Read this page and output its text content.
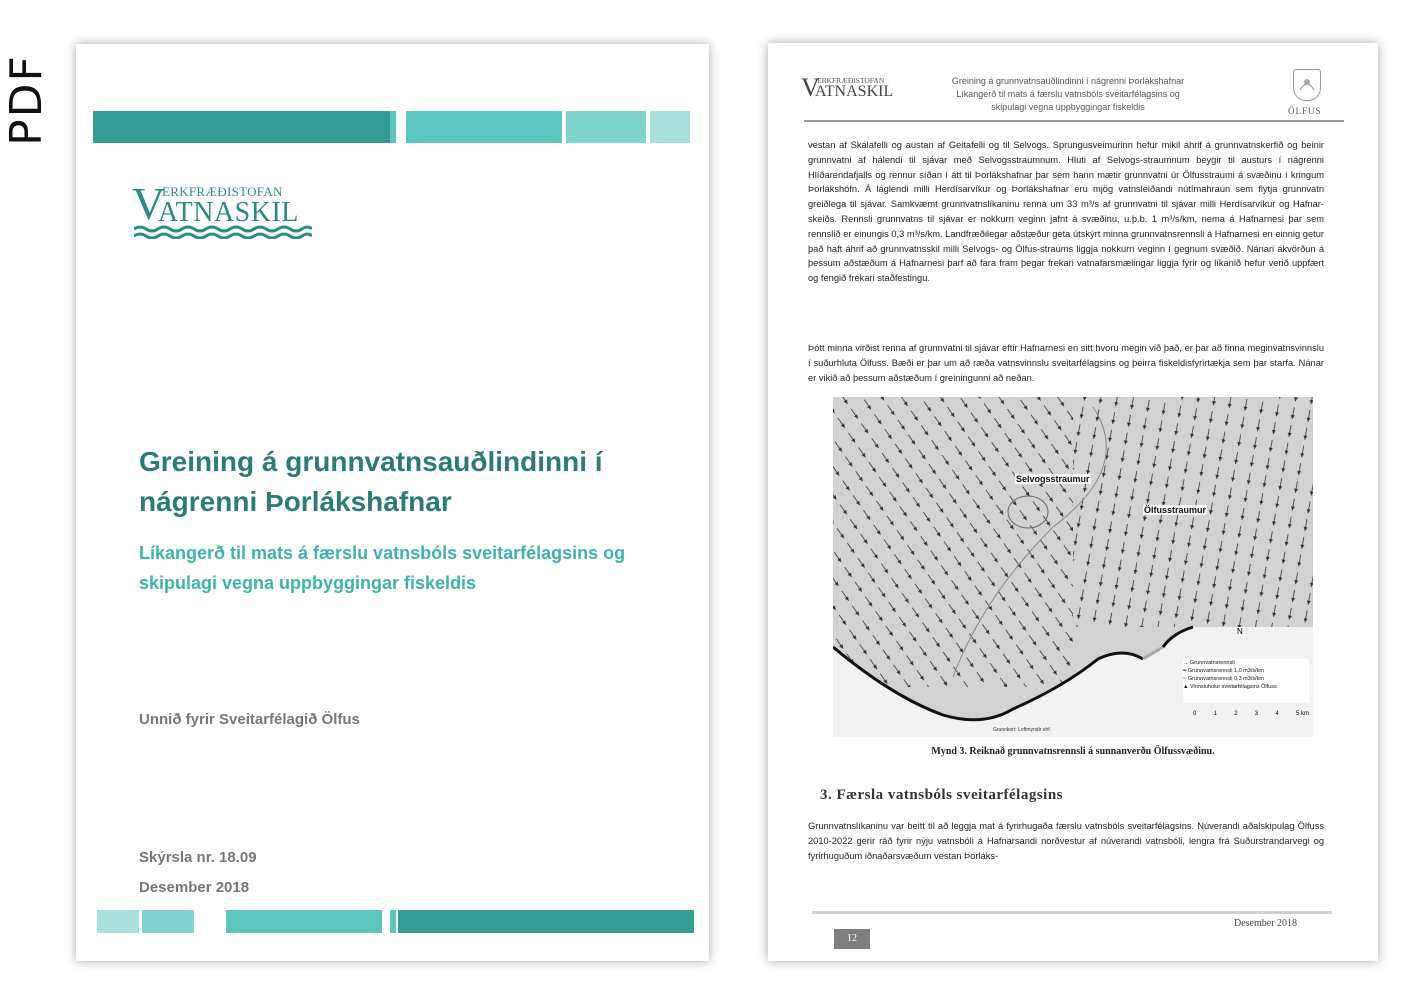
PDF
V
ERKFRÆÐISTOFAN
ATNASKIL
Greining á grunnvatnsauðlindinni í nágrenni Þorlákshafnar
Líkangerð til mats á færslu vatnsbóls sveitarfélagsins og skipulagi vegna uppbyggingar fiskeldis
Unnið fyrir Sveitarfélagið Ölfus
Skýrsla nr. 18.09
Desember 2018
V
ERKFRÆÐISTOFAN
ATNASKIL
Greining á grunnvatnsauðlindinni í nágrenni Þorlákshafnar
Líkangerð til mats á færslu vatnsbóls sveitarfélagsins og
skipulagi vegna uppbyggingar fiskeldis	ÖLFUS
vestan af Skálafelli og austan af Geitafelli og til Selvogs. Sprungusveimurinn hefur mikil áhrif á grunnvatnskerfið og beinir grunnvatni af hálendi til sjávar með Selvogsstraumnum. Hluti af Selvogs-straumnum beygir til austurs í nágrenni Hlíðarendafjalls og rennur síðan í átt til Þorlákshafnar þar sem hann mætir grunnvatni úr Ölfusstraumi á svæðinu í kringum Þorlákshöfn. Á láglendi milli Herdísarvíkur og Þorlákshafnar eru mjög vatnsleiðandi nútímahraun sem flytja grunnvatn greiðlega til sjávar. Samkvæmt grunnvatnslíkaninu renna um 33 m³/s af grunnvatni til sjávar milli Herdísarvíkur og Hafnar-skeiðs. Rennsli grunnvatns til sjávar er nokkurn veginn jafnt á svæðinu, u.þ.b. 1 m³/s/km, nema á Hafnarnesi þar sem rennslið er einungis 0,3 m³/s/km. Landfræðilegar aðstæður geta útskýrt minna grunnvatnsrennsli á Hafnarnesi en einnig getur það haft áhrif að grunnvatnsskil milli Selvogs- og Ölfus-straums liggja nokkurn veginn í gegnum svæðið. Nánari ákvörðun á þessum aðstæðum á Hafnarnesi þarf að fara fram þegar frekari vatnafarsmælingar liggja fyrir og líkanið hefur verið uppfært og fengið frekari staðfestingu.
Þótt minna virðist renna af grunnvatni til sjávar eftir Hafnarnesi en sitt hvoru megin við það, er þar að finna meginvatnsvinnslu í suðurhluta Ölfuss. Bæði er þar um að ræða vatnsvinnslu sveitarfélagsins og þeirra fiskeldisfyrirtækja sem þar starfa. Nánar er vikið að þessum aðstæðum í greiningunni að neðan.
Selvogsstraumur
Ölfusstraumur
N
→ Grunnvatnsrennsli
━ Grunnvatnsrennsli 1,0 m3/s/km
━ Grunnvatnsrennsli 0,3 m3/s/km
▲ Vinnsluholur sveitarfélagsins Ölfuss
0	1	2	3	4	5 km
Grunnkort: Loftmyndir ehf.
Mynd 3. Reiknað grunnvatnsrennsli á sunnanverðu Ölfussvæðinu.
3. Færsla vatnsbóls sveitarfélagsins
Grunnvatnslíkaninu var beitt til að leggja mat á fyrirhugaða færslu vatnsbóls sveitarfélagsins. Núverandi aðalskipulag Ölfuss 2010-2022 gerir ráð fyrir nýju vatnsbóli á Hafnarsandi norðvestur af núverandi vatnsbóli, lengra frá Suðurstrandarvegi og fyrirhuguðum iðnaðarsvæðum vestan Þorláks-
Desember 2018
12
